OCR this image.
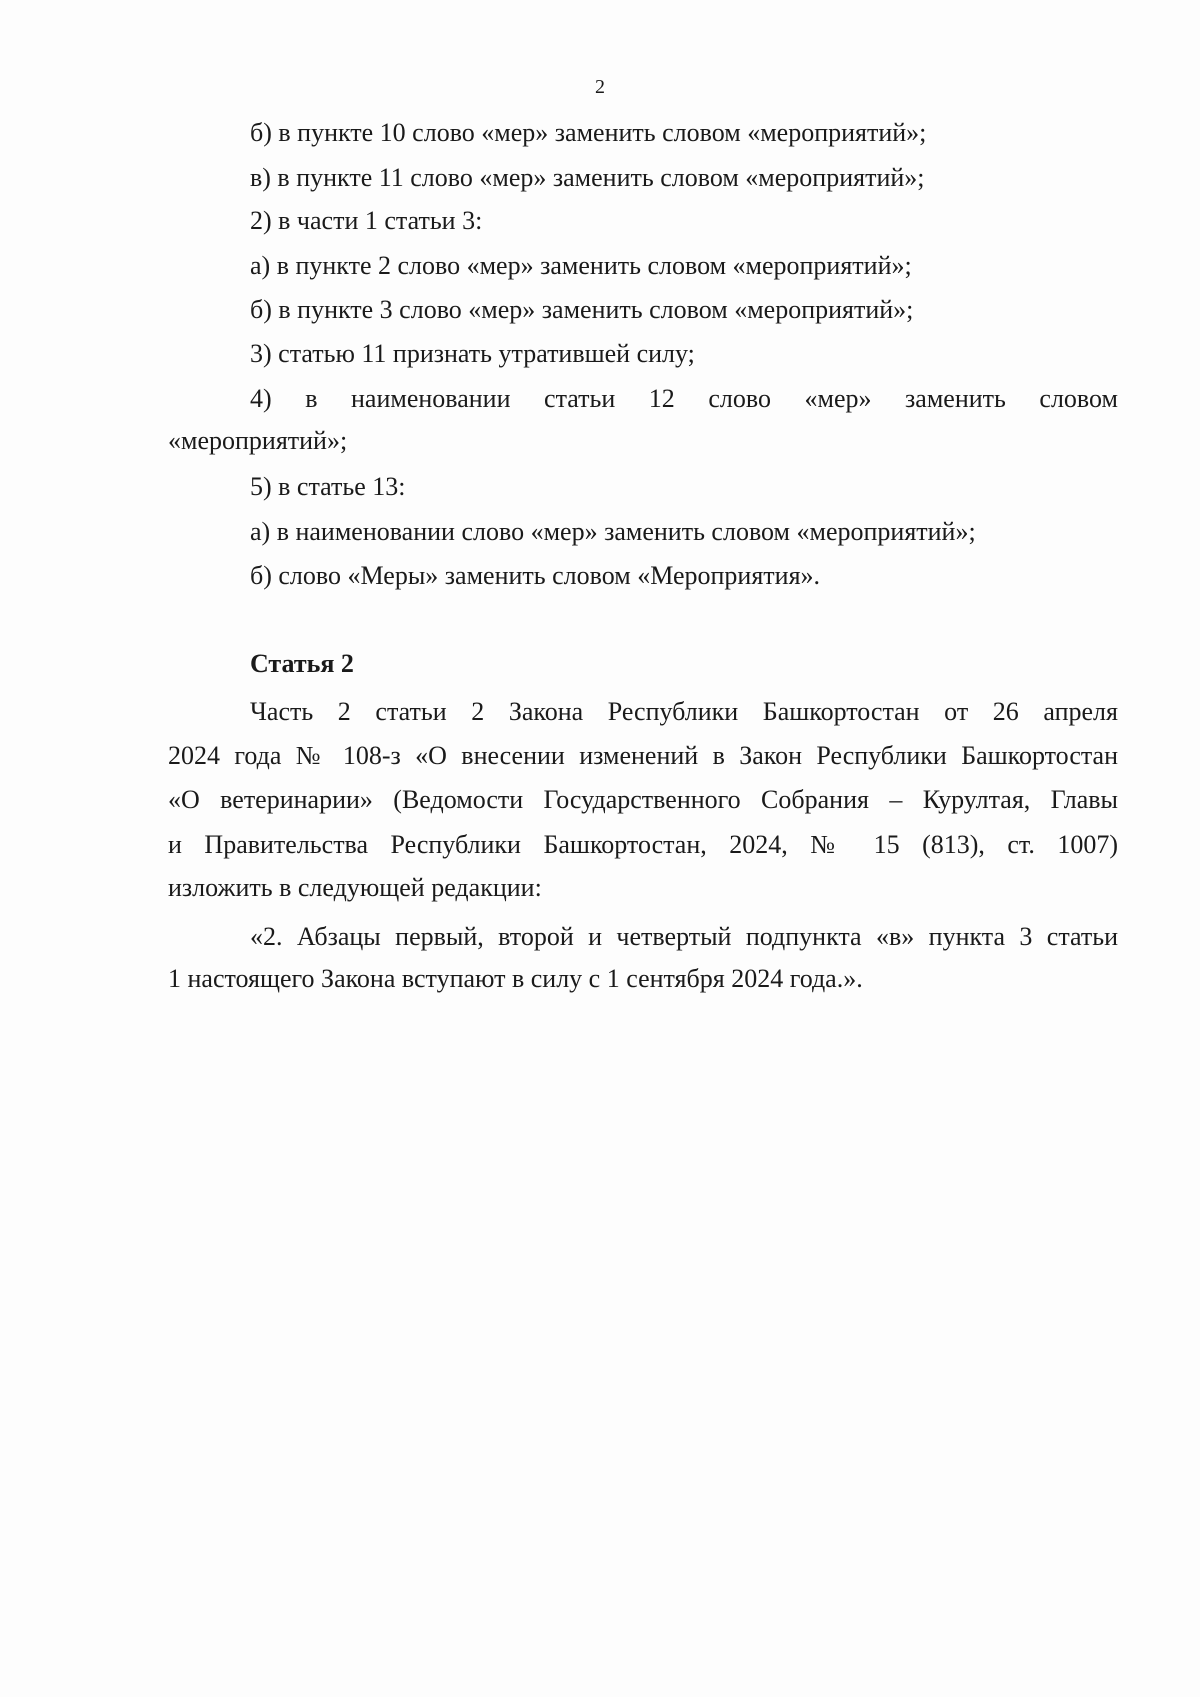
2
б) в пункте 10 слово «мер» заменить словом «мероприятий»;
в) в пункте 11 слово «мер» заменить словом «мероприятий»;
2) в части 1 статьи 3:
а) в пункте 2 слово «мер» заменить словом «мероприятий»;
б) в пункте 3 слово «мер» заменить словом «мероприятий»;
3) статью 11 признать утратившей силу;
4) в наименовании статьи 12 слово «мер» заменить словом
«мероприятий»;
5) в статье 13:
а) в наименовании слово «мер» заменить словом «мероприятий»;
б) слово «Меры» заменить словом «Мероприятия».
Статья 2
Часть 2 статьи 2 Закона Республики Башкортостан от 26 апреля
2024 года № 108-з «О внесении изменений в Закон Республики Башкортостан
«О ветеринарии» (Ведомости Государственного Собрания – Курултая, Главы
и Правительства Республики Башкортостан, 2024, № 15 (813), ст. 1007)
изложить в следующей редакции:
«2. Абзацы первый, второй и четвертый подпункта «в» пункта 3 статьи
1 настоящего Закона вступают в силу с 1 сентября 2024 года.».
